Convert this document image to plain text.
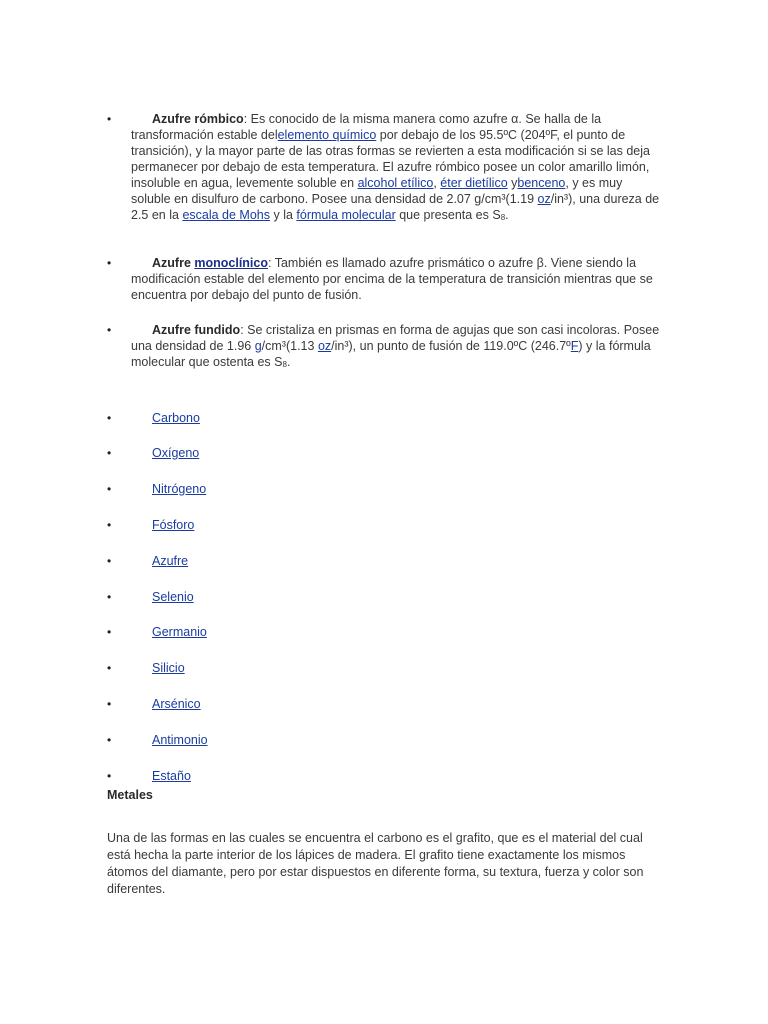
•	Azufre rómbico: Es conocido de la misma manera como azufre α. Se halla de la transformación estable delelemento químico por debajo de los 95.5ºC (204ºF, el punto de transición), y la mayor parte de las otras formas se revierten a esta modificación si se las deja permanecer por debajo de esta temperatura. El azufre rómbico posee un color amarillo limón, insoluble en agua, levemente soluble en alcohol etílico, éter dietílico ybenceno, y es muy soluble en disulfuro de carbono. Posee una densidad de 2.07 g/cm³(1.19 oz/in³), una dureza de 2.5 en la escala de Mohs y la fórmula molecular que presenta es $S_8$.

•	Azufre monoclínico: También es llamado azufre prismático o azufre β. Viene siendo la modificación estable del elemento por encima de la temperatura de transición mientras que se encuentra por debajo del punto de fusión.

•	Azufre fundido: Se cristaliza en prismas en forma de agujas que son casi incoloras. Posee una densidad de 1.96 g/cm³(1.13 oz/in³), un punto de fusión de 119.0ºC (246.7ºF) y la fórmula molecular que ostenta es $S_8$.

•	Carbono
•	Oxígeno
•	Nitrógeno
•	Fósforo
•	Azufre
•	Selenio
•	Germanio
•	Silicio
•	Arsénico
•	Antimonio
•	Estaño
Metales

Una de las formas en las cuales se encuentra el carbono es el grafito, que es el material del cual está hecha la parte interior de los lápices de madera. El grafito tiene exactamente los mismos átomos del diamante, pero por estar dispuestos en diferente forma, su textura, fuerza y color son diferentes.
